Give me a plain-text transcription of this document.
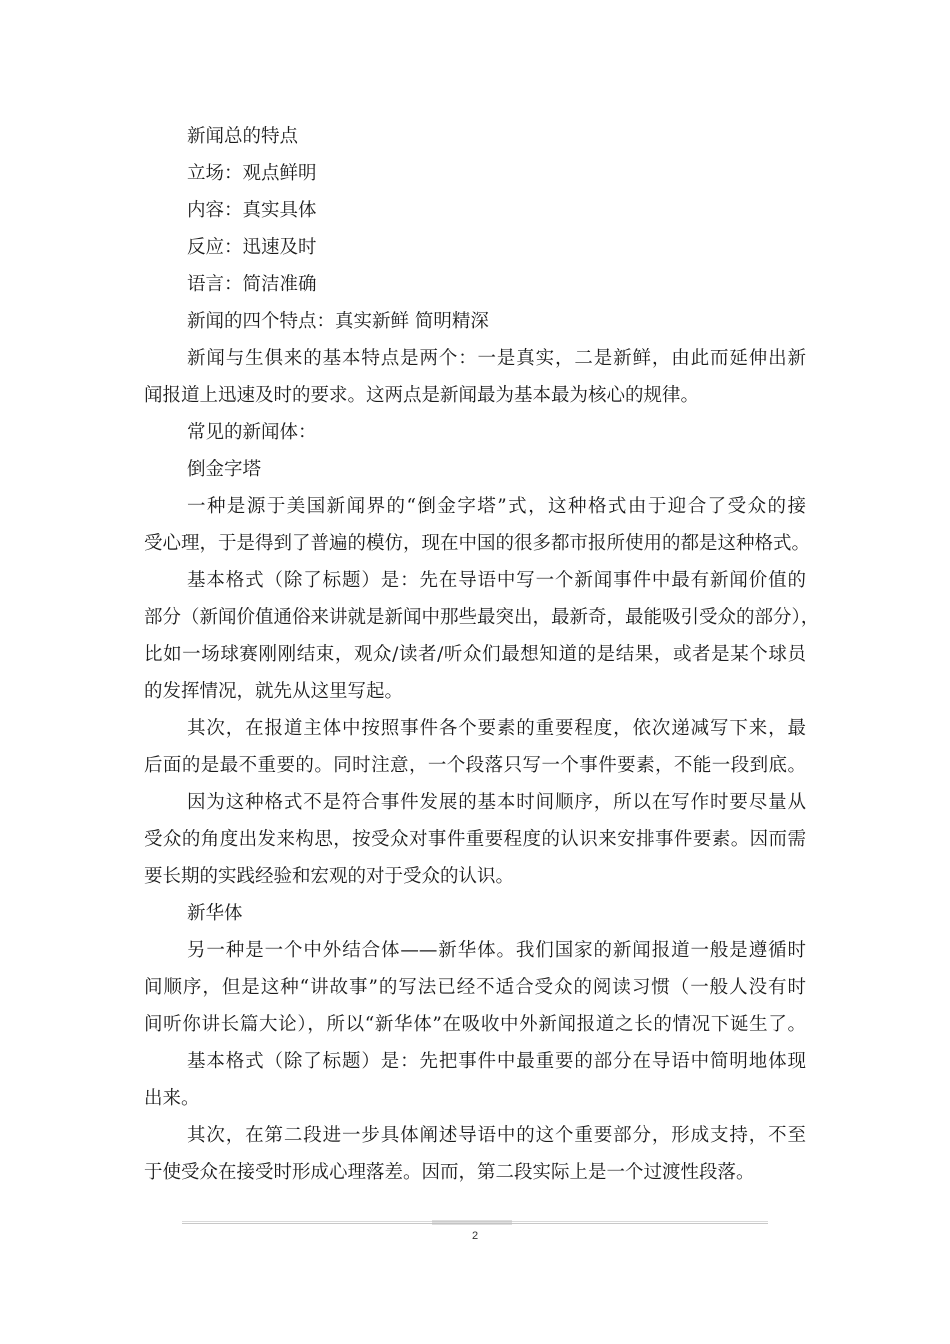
新闻总的特点
立场：观点鲜明
内容：真实具体
反应：迅速及时
语言：简洁准确
新闻的四个特点：真实新鲜 简明精深
新闻与生俱来的基本特点是两个：一是真实，二是新鲜，由此而延伸出新
闻报道上迅速及时的要求。这两点是新闻最为基本最为核心的规律。
常见的新闻体：
倒金字塔
一种是源于美国新闻界的“倒金字塔”式，这种格式由于迎合了受众的接
受心理，于是得到了普遍的模仿，现在中国的很多都市报所使用的都是这种格式。
基本格式（除了标题）是：先在导语中写一个新闻事件中最有新闻价值的
部分（新闻价值通俗来讲就是新闻中那些最突出，最新奇，最能吸引受众的部分），
比如一场球赛刚刚结束，观众/读者/听众们最想知道的是结果，或者是某个球员
的发挥情况，就先从这里写起。
其次，在报道主体中按照事件各个要素的重要程度，依次递减写下来，最
后面的是最不重要的。同时注意，一个段落只写一个事件要素，不能一段到底。
因为这种格式不是符合事件发展的基本时间顺序，所以在写作时要尽量从
受众的角度出发来构思，按受众对事件重要程度的认识来安排事件要素。因而需
要长期的实践经验和宏观的对于受众的认识。
新华体
另一种是一个中外结合体——新华体。我们国家的新闻报道一般是遵循时
间顺序，但是这种“讲故事”的写法已经不适合受众的阅读习惯（一般人没有时
间听你讲长篇大论），所以“新华体”在吸收中外新闻报道之长的情况下诞生了。
基本格式（除了标题）是：先把事件中最重要的部分在导语中简明地体现
出来。
其次，在第二段进一步具体阐述导语中的这个重要部分，形成支持，不至
于使受众在接受时形成心理落差。因而，第二段实际上是一个过渡性段落。
2
